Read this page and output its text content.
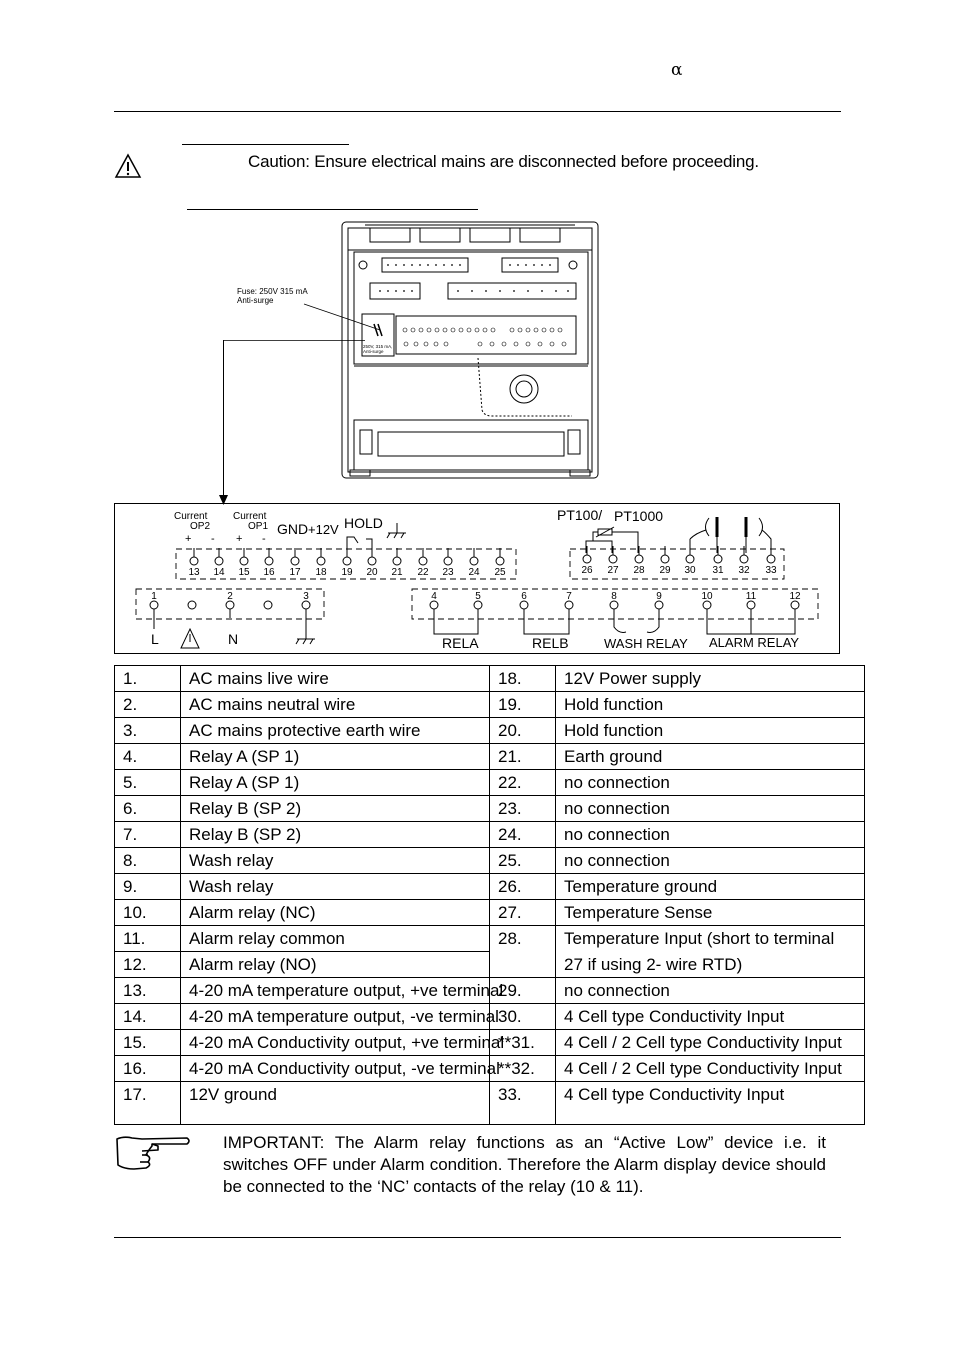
α
Caution: Ensure electrical mains are disconnected before proceeding.
Fuse: 250V 315 mA
Anti-surge
250V, 315 mA,
Anti-surge
13 14 15 16 17 18 19 20 21 22 23 24 25	26 27 28 29 30 31 32 33
1	2	3	4	5	6	7	8	9	10	11	12
Current
OP2
Current
OP1
+ - + -
GND +12V HOLD	PT100/ PT1000
L	N	RELA	RELB	WASH RELAY ALARM RELAY
1.	AC mains live wire	18.	12V Power supply
2.	AC mains neutral wire	19.	Hold function
3.	AC mains protective earth wire	20.	Hold function
4.	Relay A (SP 1)	21.	Earth ground
5.	Relay A (SP 1)	22.	no connection
6.	Relay B (SP 2)	23.	no connection
7.	Relay B (SP 2)	24.	no connection
8.	Wash relay	25.	no connection
9.	Wash relay	26.	Temperature ground
10.	Alarm relay (NC)	27.	Temperature Sense
11.	Alarm relay common	28.	Temperature Input (short to terminal
12.	Alarm relay (NO)		27 if using 2- wire RTD)
13.	4-20 mA temperature output, +ve terminal	29.	no connection
14.	4-20 mA temperature output, -ve terminal	30.	4 Cell type Conductivity Input
15.	4-20 mA Conductivity output, +ve terminal	**31.	4 Cell / 2 Cell type Conductivity Input
16.	4-20 mA Conductivity output, -ve terminal	**32.	4 Cell / 2 Cell type Conductivity Input
17.	12V ground	33.	4 Cell type Conductivity Input
IMPORTANT: The Alarm relay functions as an “Active Low” device i.e. it switches OFF under Alarm condition. Therefore the Alarm display device should be connected to the ‘NC’ contacts of the relay (10 & 11).
